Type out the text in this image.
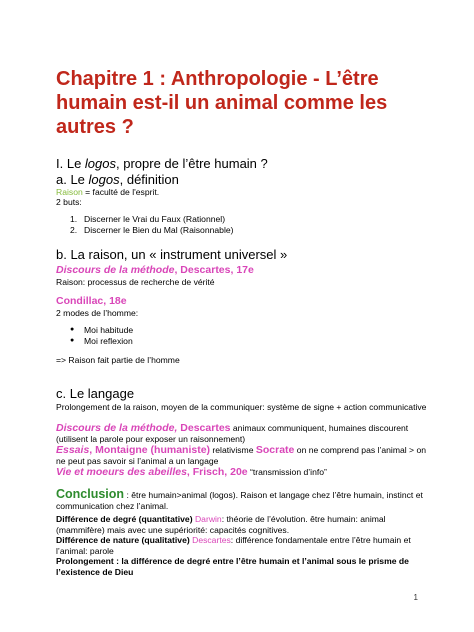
Chapitre 1 : Anthropologie - L’être humain est-il un animal comme les autres ?
I. Le logos, propre de l’être humain ?
a. Le logos, définition
Raison = faculté de l'esprit.
2 buts:
1. Discerner le Vrai du Faux (Rationnel)
2. Discerner le Bien du Mal (Raisonnable)
b. La raison, un « instrument universel »
Discours de la méthode, Descartes, 17e
Raison: processus de recherche de vérité
Condillac, 18e
2 modes de l’homme:
● Moi habitude
● Moi reflexion
=> Raison fait partie de l’homme
c. Le langage
Prolongement de la raison, moyen de la communiquer: système de signe + action communicative
Discours de la méthode, Descartes animaux communiquent, humaines discourent (utilisent la parole pour exposer un raisonnement)
Essais, Montaigne (humaniste) relativisme Socrate on ne comprend pas l’animal > on ne peut pas savoir si l’animal a un langage
Vie et moeurs des abeilles, Frisch, 20e “transmission d’info”
Conclusion : être humain>animal (logos). Raison et langage chez l’être humain, instinct et communication chez l’animal.
Différence de degré (quantitative) Darwin: théorie de l’évolution. être humain: animal (mammifère) mais avec une supériorité: capacités cognitives.
Différence de nature (qualitative) Descartes: différence fondamentale entre l’être humain et l’animal: parole
Prolongement : la différence de degré entre l’être humain et l’animal sous le prisme de l’existence de Dieu
1
